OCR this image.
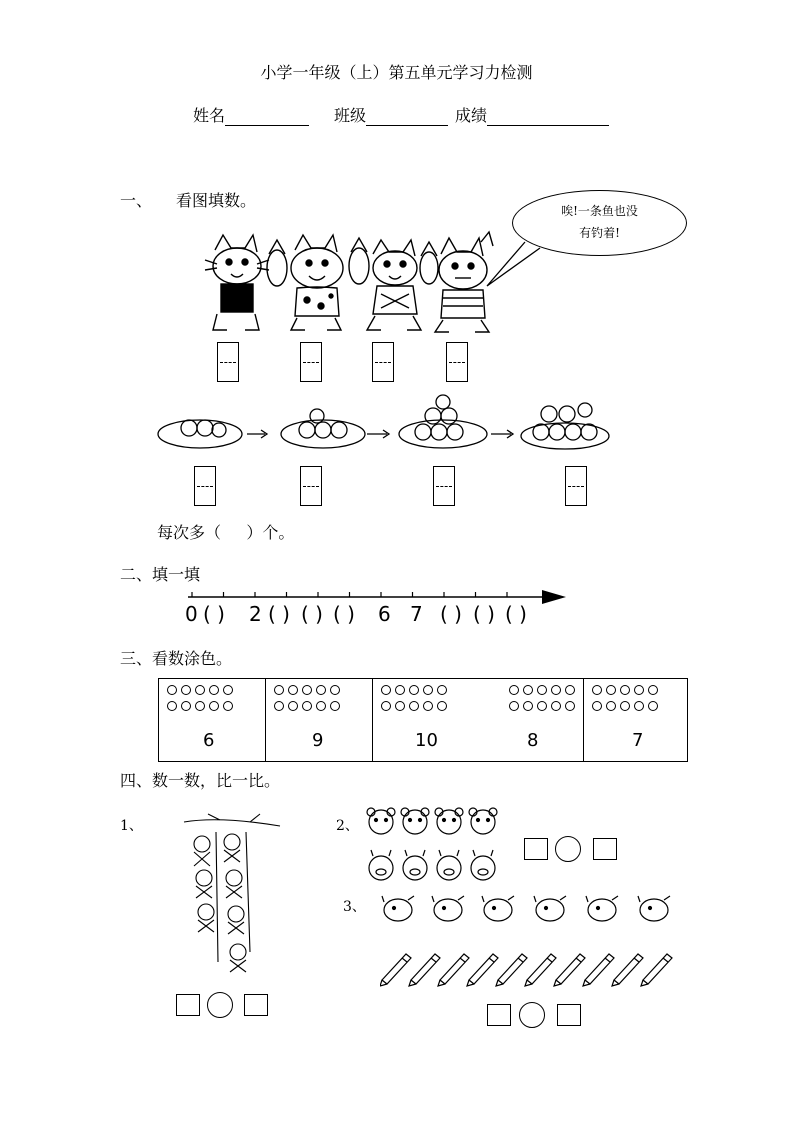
小学一年级（上）第五单元学习力检测
姓名	班级	成绩
一、 看图填数。
唉!一条鱼也没
有钓着!
每次多（     ）个。
二、填一填
0 ( ) 2 ( ) ( ) ( ) 6 7 ( ) ( ) ( )
三、看数涂色。
6	9	10	8	7
四、数一数，比一比。
1、	2、
3、
